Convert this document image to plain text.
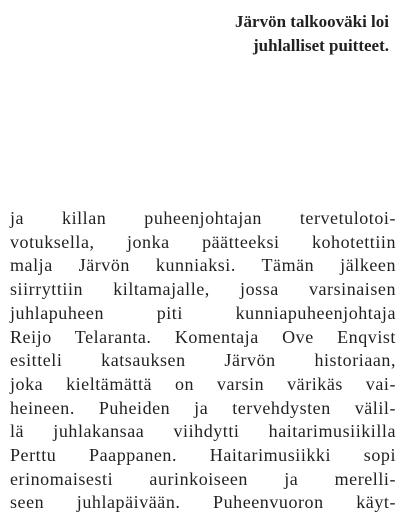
Järvön talkooväki loi
juhlalliset puitteet.
ja killan puheenjohtajan tervetulotoi-
votuksella, jonka päätteeksi kohotettiin
malja Järvön kunniaksi. Tämän jälkeen
siirryttiin kiltamajalle, jossa varsinaisen
juhlapuheen piti kunniapuheenjohtaja
Reijo Telaranta. Komentaja Ove Enqvist
esitteli katsauksen Järvön historiaan,
joka kieltämättä on varsin värikäs vai-
heineen. Puheiden ja tervehdysten välil-
lä juhlakansaa viihdytti haitarimusiikilla
Perttu Paappanen. Haitarimusiikki sopi
erinomaisesti aurinkoiseen ja merelli-
seen juhlapäivään. Puheenvuoron käyt-
